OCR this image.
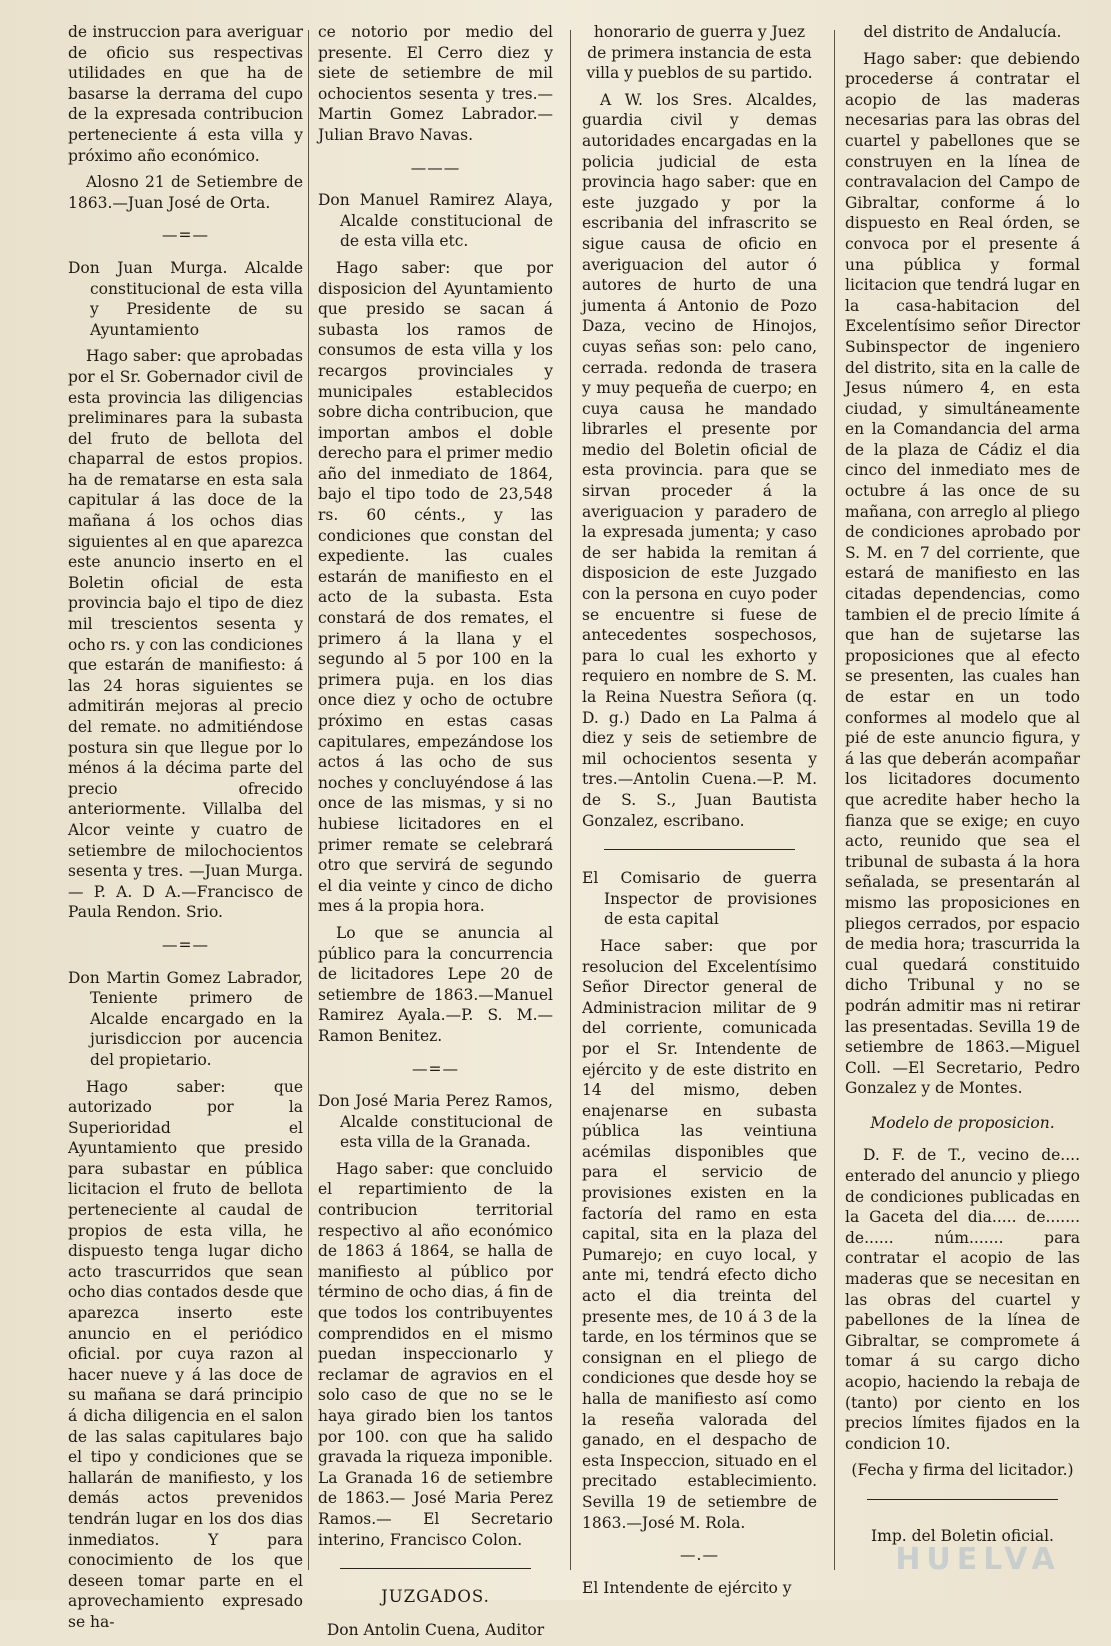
de instruccion para averiguar de oficio sus respectivas utilidades en que ha de basarse la derrama del cupo de la expresada contribucion perteneciente á esta villa y próximo año económico.

Alosno 21 de Setiembre de 1863.—Juan José de Orta.

—=—

Don Juan Murga. Alcalde constitucional de esta villa y Presidente de su Ayuntamiento

Hago saber: que aprobadas por el Sr. Gobernador civil de esta provincia las diligencias preliminares para la subasta del fruto de bellota del chaparral de estos propios. ha de rematarse en esta sala capitular á las doce de la mañana á los ochos dias siguientes al en que aparezca este anuncio inserto en el Boletin oficial de esta provincia bajo el tipo de diez mil trescientos sesenta y ocho rs. y con las condiciones que estarán de manifiesto: á las 24 horas siguientes se admitirán mejoras al precio del remate. no admitiéndose postura sin que llegue por lo ménos á la décima parte del precio ofrecido anteriormente. Villalba del Alcor veinte y cuatro de setiembre de milochocientos sesenta y tres. —Juan Murga.— P. A. D A.—Francisco de Paula Rendon. Srio.

—=—

Don Martin Gomez Labrador, Teniente primero de Alcalde encargado en la jurisdiccion por aucencia del propietario.

Hago saber: que autorizado por la Superioridad el Ayuntamiento que presido para subastar en pública licitacion el fruto de bellota perteneciente al caudal de propios de esta villa, he dispuesto tenga lugar dicho acto trascurridos que sean ocho dias contados desde que aparezca inserto este anuncio en el periódico oficial. por cuya razon al hacer nueve y á las doce de su mañana se dará principio á dicha diligencia en el salon de las salas capitulares bajo el tipo y condiciones que se hallarán de manifiesto, y los demás actos prevenidos tendrán lugar en los dos dias inmediatos. Y para conocimiento de los que deseen tomar parte en el aprovechamiento expresado se ha-

ce notorio por medio del presente. El Cerro diez y siete de setiembre de mil ochocientos sesenta y tres.—Martin Gomez Labrador.—Julian Bravo Navas.

———

Don Manuel Ramirez Alaya, Alcalde constitucional de de esta villa etc.

Hago saber: que por disposicion del Ayuntamiento que presido se sacan á subasta los ramos de consumos de esta villa y los recargos provinciales y municipales establecidos sobre dicha contribucion, que importan ambos el doble derecho para el primer medio año del inmediato de 1864, bajo el tipo todo de 23,548 rs. 60 cénts., y las condiciones que constan del expediente. las cuales estarán de manifiesto en el acto de la subasta. Esta constará de dos remates, el primero á la llana y el segundo al 5 por 100 en la primera puja. en los dias once diez y ocho de octubre próximo en estas casas capitulares, empezándose los actos á las ocho de sus noches y concluyéndose á las once de las mismas, y si no hubiese licitadores en el primer remate se celebrará otro que servirá de segundo el dia veinte y cinco de dicho mes á la propia hora.

Lo que se anuncia al público para la concurrencia de licitadores Lepe 20 de setiembre de 1863.—Manuel Ramirez Ayala.—P. S. M.— Ramon Benitez.

—=—

Don José Maria Perez Ramos, Alcalde constitucional de esta villa de la Granada.

Hago saber: que concluido el repartimiento de la contribucion territorial respectivo al año económico de 1863 á 1864, se halla de manifiesto al público por término de ocho dias, á fin de que todos los contribuyentes comprendidos en el mismo puedan inspeccionarlo y reclamar de agravios en el solo caso de que no se le haya girado bien los tantos por 100. con que ha salido gravada la riqueza imponible. La Granada 16 de setiembre de 1863.— José Maria Perez Ramos.— El Secretario interino, Francisco Colon.

JUZGADOS.

Don Antolin Cuena, Auditor

honorario de guerra y Juez de primera instancia de esta villa y pueblos de su partido.

A W. los Sres. Alcaldes, guardia civil y demas autoridades encargadas en la policia judicial de esta provincia hago saber: que en este juzgado y por la escribania del infrascrito se sigue causa de oficio en averiguacion del autor ó autores de hurto de una jumenta á Antonio de Pozo Daza, vecino de Hinojos, cuyas señas son: pelo cano, cerrada. redonda de trasera y muy pequeña de cuerpo; en cuya causa he mandado librarles el presente por medio del Boletin oficial de esta provincia. para que se sirvan proceder á la averiguacion y paradero de la expresada jumenta; y caso de ser habida la remitan á disposicion de este Juzgado con la persona en cuyo poder se encuentre si fuese de antecedentes sospechosos, para lo cual les exhorto y requiero en nombre de S. M. la Reina Nuestra Señora (q. D. g.) Dado en La Palma á diez y seis de setiembre de mil ochocientos sesenta y tres.—Antolin Cuena.—P. M. de S. S., Juan Bautista Gonzalez, escribano.

El Comisario de guerra Inspector de provisiones de esta capital

Hace saber: que por resolucion del Excelentísimo Señor Director general de Administracion militar de 9 del corriente, comunicada por el Sr. Intendente de ejército y de este distrito en 14 del mismo, deben enajenarse en subasta pública las veintiuna acémilas disponibles que para el servicio de provisiones existen en la factoría del ramo en esta capital, sita en la plaza del Pumarejo; en cuyo local, y ante mi, tendrá efecto dicho acto el dia treinta del presente mes, de 10 á 3 de la tarde, en los términos que se consignan en el pliego de condiciones que desde hoy se halla de manifiesto así como la reseña valorada del ganado, en el despacho de esta Inspeccion, situado en el precitado establecimiento. Sevilla 19 de setiembre de 1863.—José M. Rola.

—.—

El Intendente de ejército y

del distrito de Andalucía.

Hago saber: que debiendo procederse á contratar el acopio de las maderas necesarias para las obras del cuartel y pabellones que se construyen en la línea de contravalacion del Campo de Gibraltar, conforme á lo dispuesto en Real órden, se convoca por el presente á una pública y formal licitacion que tendrá lugar en la casa-habitacion del Excelentísimo señor Director Subinspector de ingeniero del distrito, sita en la calle de Jesus número 4, en esta ciudad, y simultáneamente en la Comandancia del arma de la plaza de Cádiz el dia cinco del inmediato mes de octubre á las once de su mañana, con arreglo al pliego de condiciones aprobado por S. M. en 7 del corriente, que estará de manifiesto en las citadas dependencias, como tambien el de precio límite á que han de sujetarse las proposiciones que al efecto se presenten, las cuales han de estar en un todo conformes al modelo que al pié de este anuncio figura, y á las que deberán acompañar los licitadores documento que acredite haber hecho la fianza que se exige; en cuyo acto, reunido que sea el tribunal de subasta á la hora señalada, se presentarán al mismo las proposiciones en pliegos cerrados, por espacio de media hora; trascurrida la cual quedará constituido dicho Tribunal y no se podrán admitir mas ni retirar las presentadas. Sevilla 19 de setiembre de 1863.—Miguel Coll. —El Secretario, Pedro Gonzalez y de Montes.

Modelo de proposicion.

D. F. de T., vecino de.... enterado del anuncio y pliego de condiciones publicadas en la Gaceta del dia..... de....... de...... núm....... para contratar el acopio de las maderas que se necesitan en las obras del cuartel y pabellones de la línea de Gibraltar, se compromete á tomar á su cargo dicho acopio, haciendo la rebaja de (tanto) por ciento en los precios límites fijados en la condicion 10.

(Fecha y firma del licitador.)

Imp. del Boletin oficial.

HUELVA
